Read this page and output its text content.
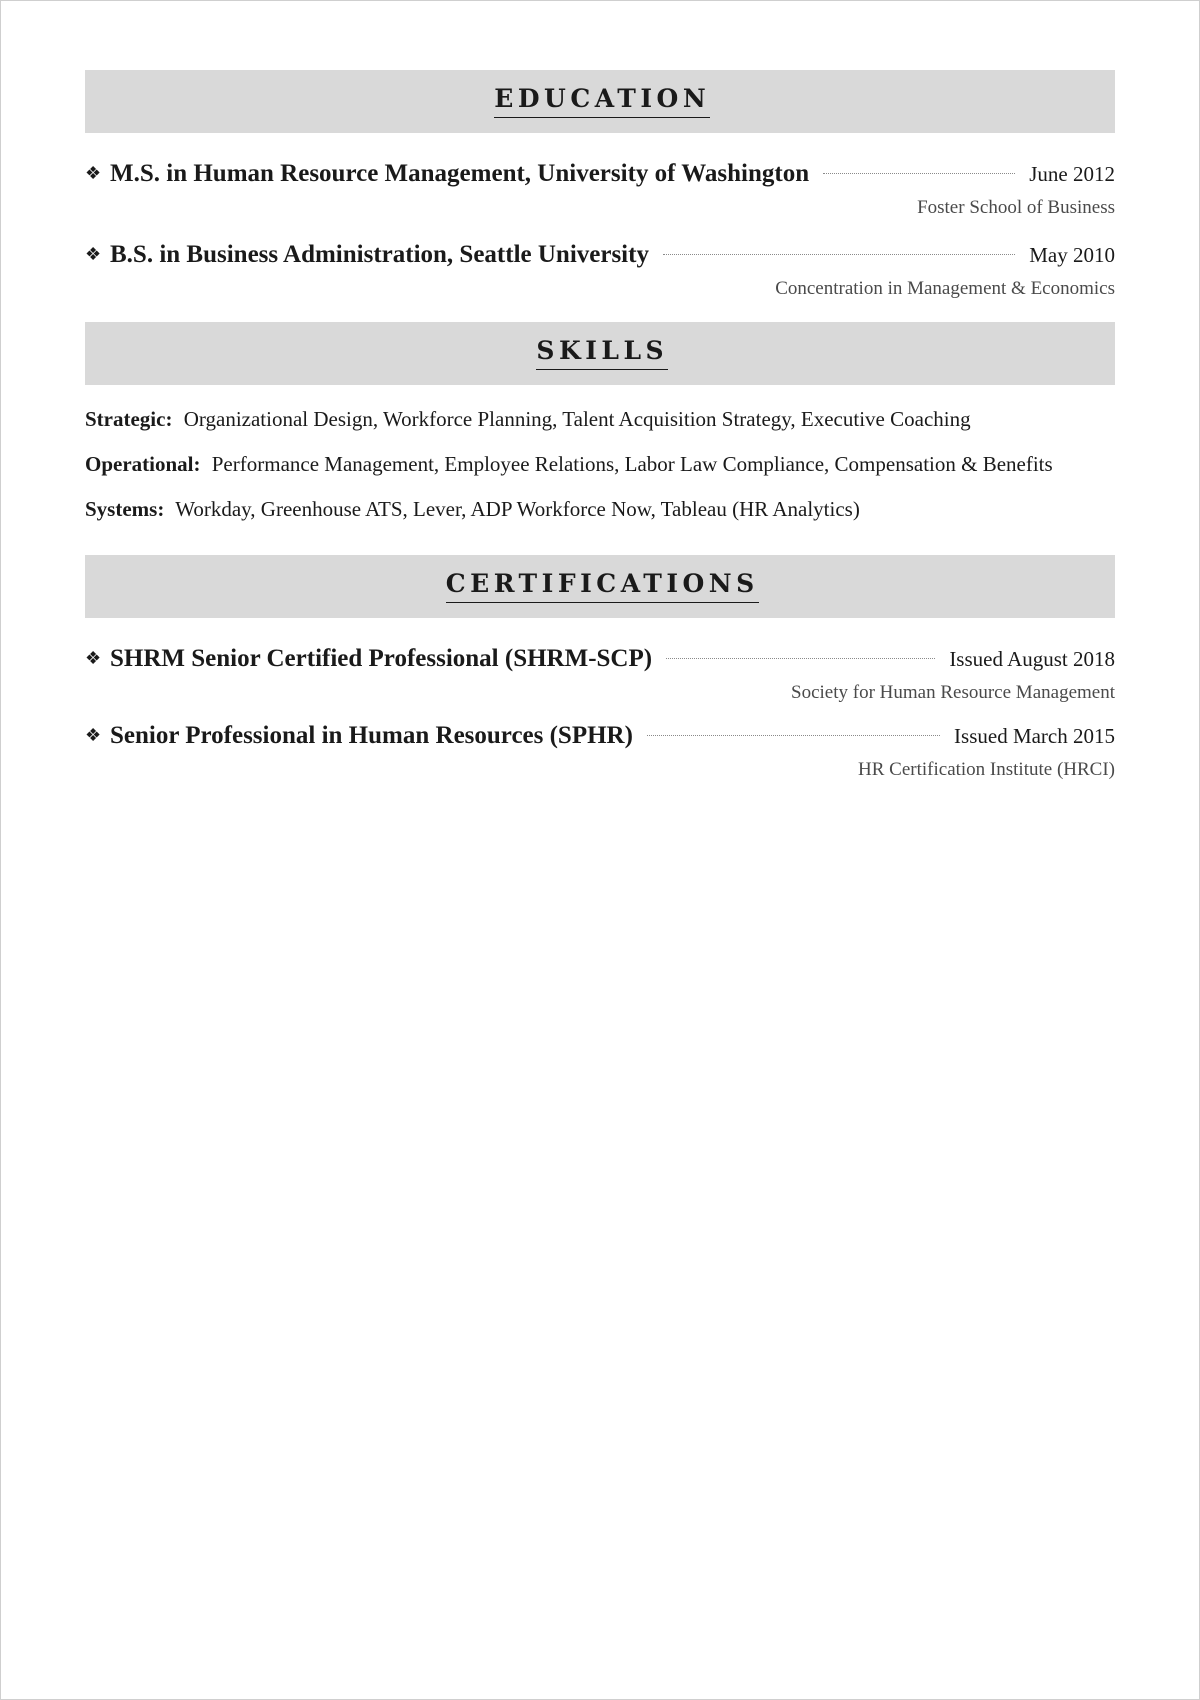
EDUCATION
❖ M.S. in Human Resource Management, University of Washington	June 2012
Foster School of Business
❖ B.S. in Business Administration, Seattle University	May 2010
Concentration in Management & Economics
SKILLS
Strategic: Organizational Design, Workforce Planning, Talent Acquisition Strategy, Executive Coaching
Operational: Performance Management, Employee Relations, Labor Law Compliance, Compensation & Benefits
Systems: Workday, Greenhouse ATS, Lever, ADP Workforce Now, Tableau (HR Analytics)
CERTIFICATIONS
❖ SHRM Senior Certified Professional (SHRM-SCP)	Issued August 2018
Society for Human Resource Management
❖ Senior Professional in Human Resources (SPHR)	Issued March 2015
HR Certification Institute (HRCI)
